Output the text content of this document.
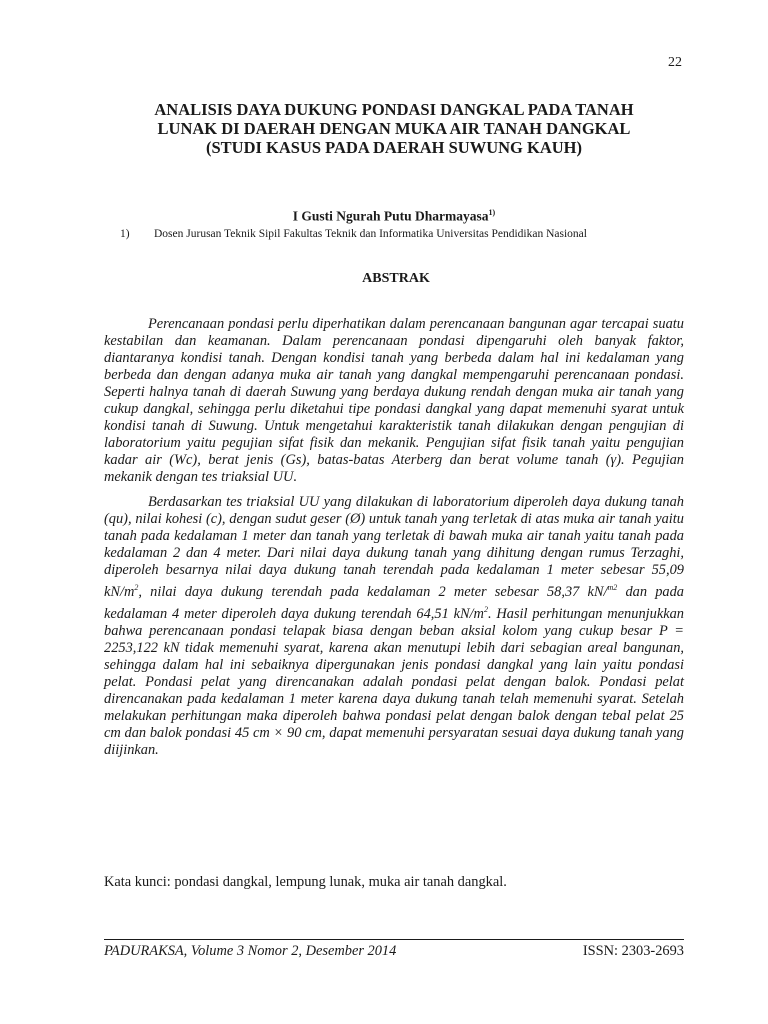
22
ANALISIS DAYA DUKUNG PONDASI DANGKAL PADA TANAH
LUNAK DI DAERAH DENGAN MUKA AIR TANAH DANGKAL
(STUDI KASUS PADA DAERAH SUWUNG KAUH)
I Gusti Ngurah Putu Dharmayasa$^{1)}$
1) Dosen Jurusan Teknik Sipil Fakultas Teknik dan Informatika Universitas Pendidikan Nasional
ABSTRAK

Perencanaan pondasi perlu diperhatikan dalam perencanaan bangunan agar tercapai suatu kestabilan dan keamanan. Dalam perencanaan pondasi dipengaruhi oleh banyak faktor, diantaranya kondisi tanah. Dengan kondisi tanah yang berbeda dalam hal ini kedalaman yang berbeda dan dengan adanya muka air tanah yang dangkal mempengaruhi perencanaan pondasi. Seperti halnya tanah di daerah Suwung yang berdaya dukung rendah dengan muka air tanah yang cukup dangkal, sehingga perlu diketahui tipe pondasi dangkal yang dapat memenuhi syarat untuk kondisi tanah di Suwung. Untuk mengetahui karakteristik tanah dilakukan dengan pengujian di laboratorium yaitu pegujian sifat fisik dan mekanik. Pengujian sifat fisik tanah yaitu pengujian kadar air (Wc), berat jenis (Gs), batas-batas Aterberg dan berat volume tanah (γ). Pegujian mekanik dengan tes triaksial UU.

Berdasarkan tes triaksial UU yang dilakukan di laboratorium diperoleh daya dukung tanah (qu), nilai kohesi (c), dengan sudut geser (Ø) untuk tanah yang terletak di atas muka air tanah yaitu tanah pada kedalaman 1 meter dan tanah yang terletak di bawah muka air tanah yaitu tanah pada kedalaman 2 dan 4 meter. Dari nilai daya dukung tanah yang dihitung dengan rumus Terzaghi, diperoleh besarnya nilai daya dukung tanah terendah pada kedalaman 1 meter sebesar 55,09 $kN/m^2$, nilai daya dukung terendah pada kedalaman 2 meter sebesar 58,37 kN/$^{m2}$ dan pada kedalaman 4 meter diperoleh daya dukung terendah 64,51 $kN/m^2$. Hasil perhitungan menunjukkan bahwa perencanaan pondasi telapak biasa dengan beban aksial kolom yang cukup besar P = 2253,122 kN tidak memenuhi syarat, karena akan menutupi lebih dari sebagian areal bangunan, sehingga dalam hal ini sebaiknya dipergunakan jenis pondasi dangkal yang lain yaitu pondasi pelat. Pondasi pelat yang direncanakan adalah pondasi pelat dengan balok. Pondasi pelat direncanakan pada kedalaman 1 meter karena daya dukung tanah telah memenuhi syarat. Setelah melakukan perhitungan maka diperoleh bahwa pondasi pelat dengan balok dengan tebal pelat 25 cm dan balok pondasi 45 cm × 90 cm, dapat memenuhi persyaratan sesuai daya dukung tanah yang diijinkan.

Kata kunci: pondasi dangkal, lempung lunak, muka air tanah dangkal.
PADURAKSA, Volume 3 Nomor 2, Desember 2014	ISSN: 2303-2693
